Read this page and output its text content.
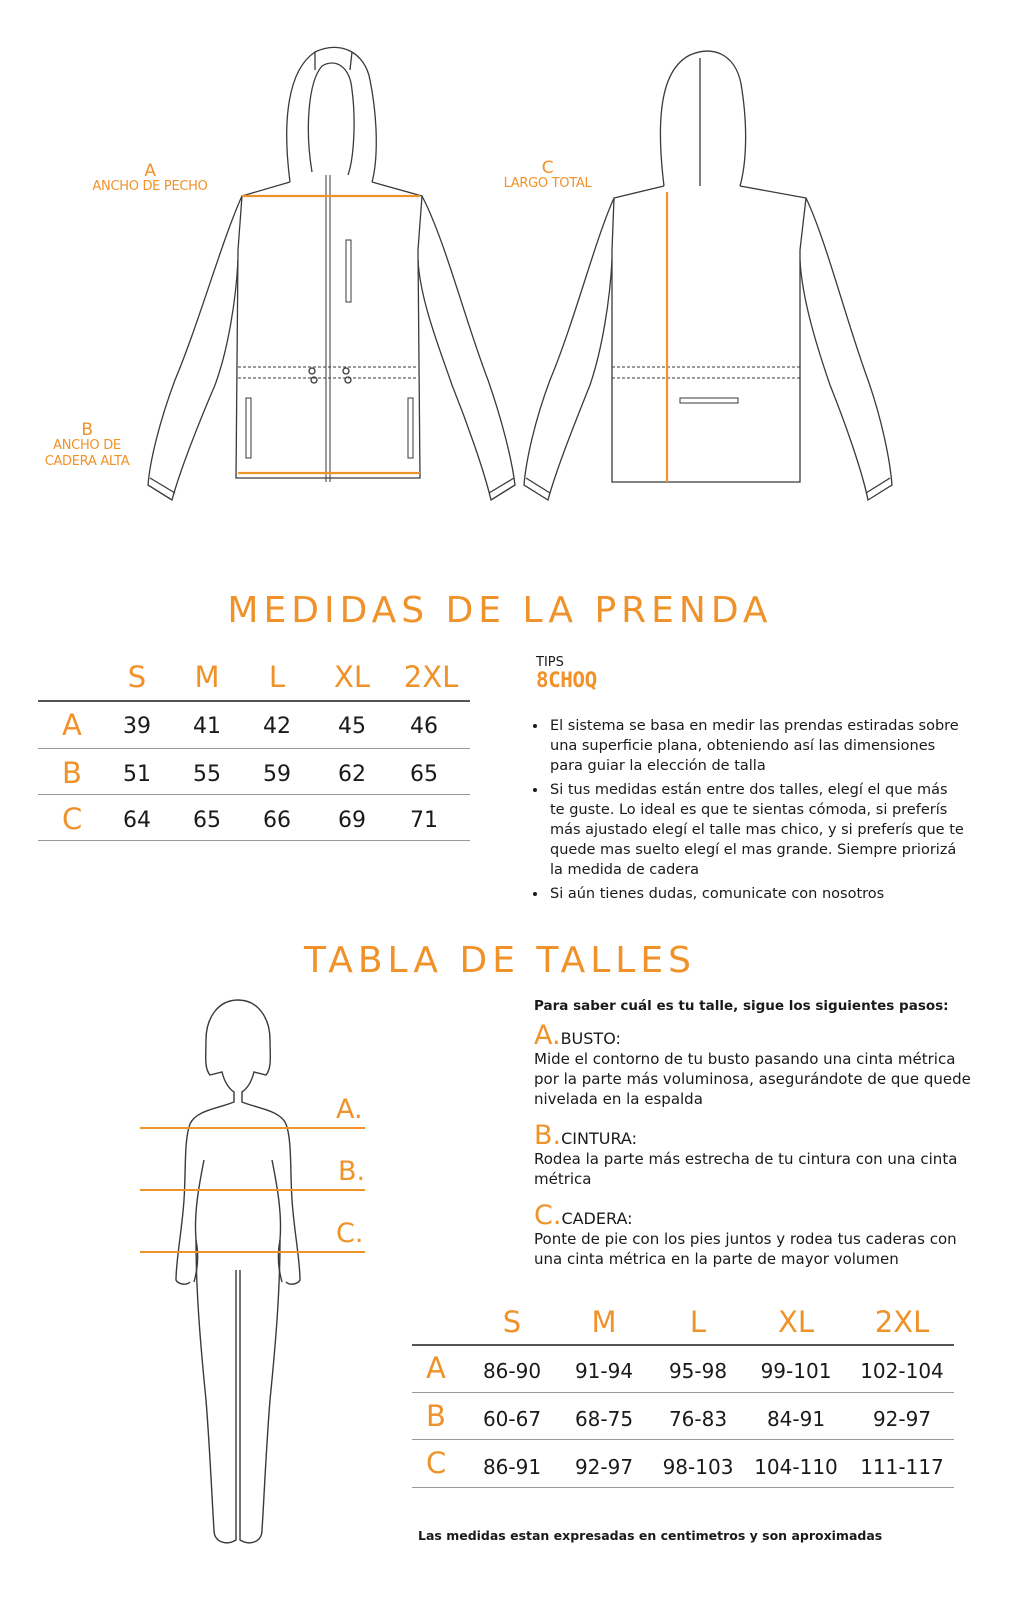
A
ANCHO DE PECHO
B
ANCHO DE
CADERA ALTA
C
LARGO TOTAL
MEDIDAS DE LA PRENDA
S	M	L	XL	2XL
A	39	41	42	45	46
B	51	55	59	62	65
C	64	65	66	69	71
TIPS
8CHOQ
• El sistema se basa en medir las prendas estiradas sobre una superficie plana, obteniendo así las dimensiones para guiar la elección de talla
• Si tus medidas están entre dos talles, elegí el que más te guste. Lo ideal es que te sientas cómoda, si preferís más ajustado elegí el talle mas chico, y si preferís que te quede mas suelto elegí el mas grande. Siempre priorizá la medida de cadera
• Si aún tienes dudas, comunicate con nosotros
TABLA DE TALLES
A.
B.
C.
Para saber cuál es tu talle, sigue los siguientes pasos:
A.BUSTO:
Mide el contorno de tu busto pasando una cinta métrica por la parte más voluminosa, asegurándote de que quede nivelada en la espalda
B.CINTURA:
Rodea la parte más estrecha de tu cintura con una cinta métrica
C.CADERA:
Ponte de pie con los pies juntos y rodea tus caderas con una cinta métrica en la parte de mayor volumen
S	M	L	XL	2XL
A	86-90	91-94	95-98	99-101	102-104
B	60-67	68-75	76-83	84-91	92-97
C	86-91	92-97	98-103	104-110	111-117
Las medidas estan expresadas en centimetros y son aproximadas
